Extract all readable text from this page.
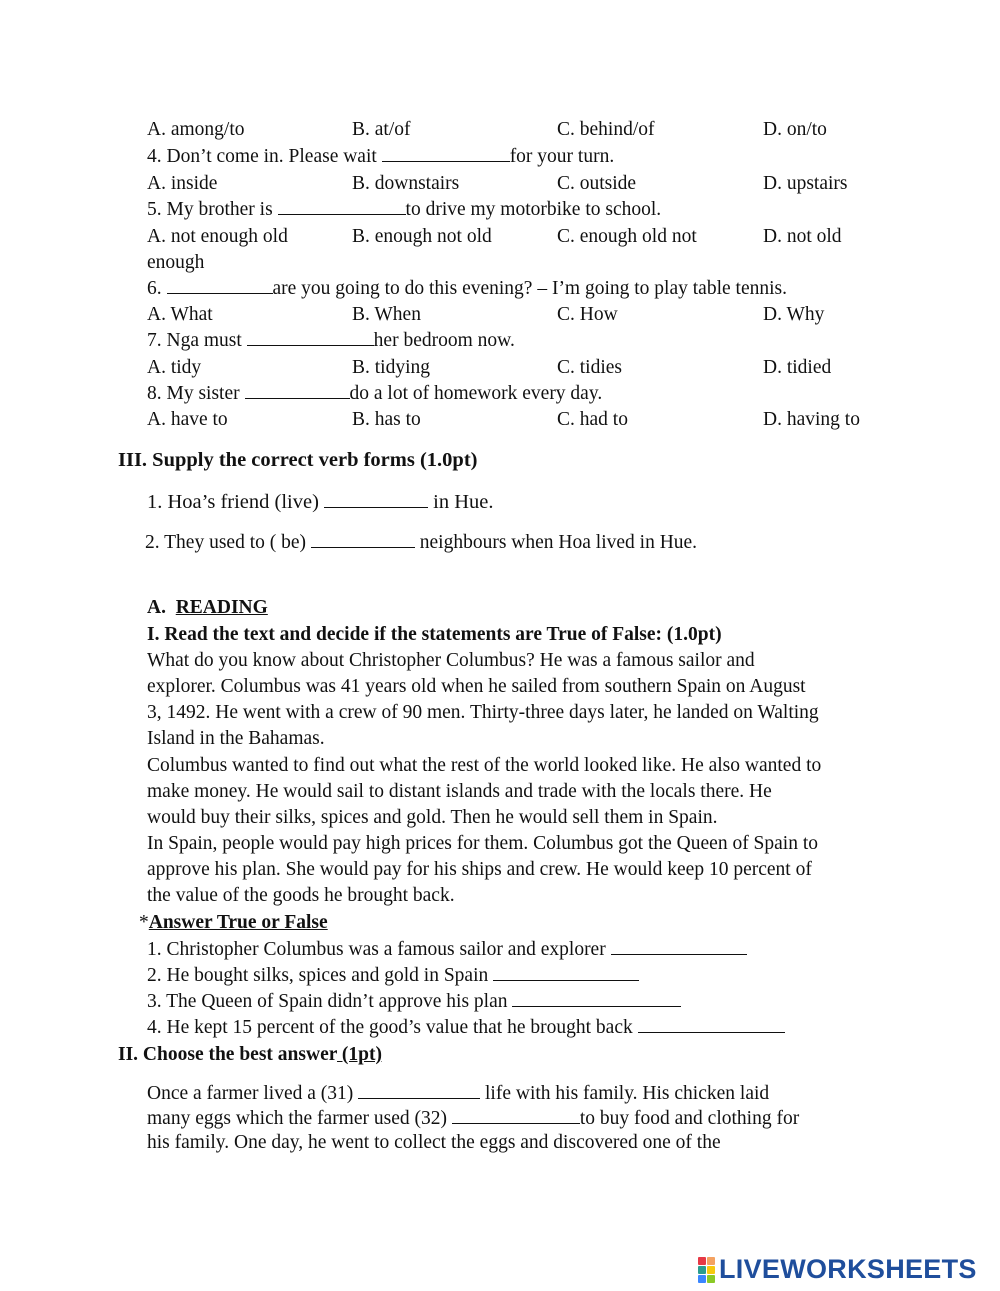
A. among/to	B. at/of	C. behind/of	D. on/to
4. Don’t come in. Please wait	for your turn.
A. inside	B. downstairs	C. outside	D. upstairs
5. My brother is	to drive my motorbike to school.
A. not enough old	B. enough not old	C. enough old not	D. not old
enough
6.	are you going to do this evening? – I’m going to play table tennis.
A. What	B. When	C. How	D. Why
7. Nga must	her bedroom now.
A. tidy	B. tidying	C. tidies	D. tidied
8. My sister	do a lot of homework every day.
A. have to	B. has to	C. had to	D. having to
III. Supply the correct verb forms (1.0pt)
1. Hoa’s friend (live)	in Hue.
2. They used to ( be)	neighbours when Hoa lived in Hue.
A. READING
I. Read the text and decide if the statements are True of False: (1.0pt)
What do you know about Christopher Columbus? He was a famous sailor and
explorer. Columbus was 41 years old when he sailed from southern Spain on August
3, 1492. He went with a crew of 90 men. Thirty-three days later, he landed on Walting
Island in the Bahamas.
Columbus wanted to find out what the rest of the world looked like. He also wanted to
make money. He would sail to distant islands and trade with the locals there. He
would buy their silks, spices and gold. Then he would sell them in Spain.
In Spain, people would pay high prices for them. Columbus got the Queen of Spain to
approve his plan. She would pay for his ships and crew. He would keep 10 percent of
the value of the goods he brought back.
*Answer True or False
1. Christopher Columbus was a famous sailor and explorer
2. He bought silks, spices and gold in Spain
3. The Queen of Spain didn’t approve his plan
4. He kept 15 percent of the good’s value that he brought back
II. Choose the best answer (1pt)
Once a farmer lived a (31)	life with his family. His chicken laid
many eggs which the farmer used (32)	to buy food and clothing for
his family. One day, he went to collect the eggs and discovered one of the
LIVEWORKSHEETS
